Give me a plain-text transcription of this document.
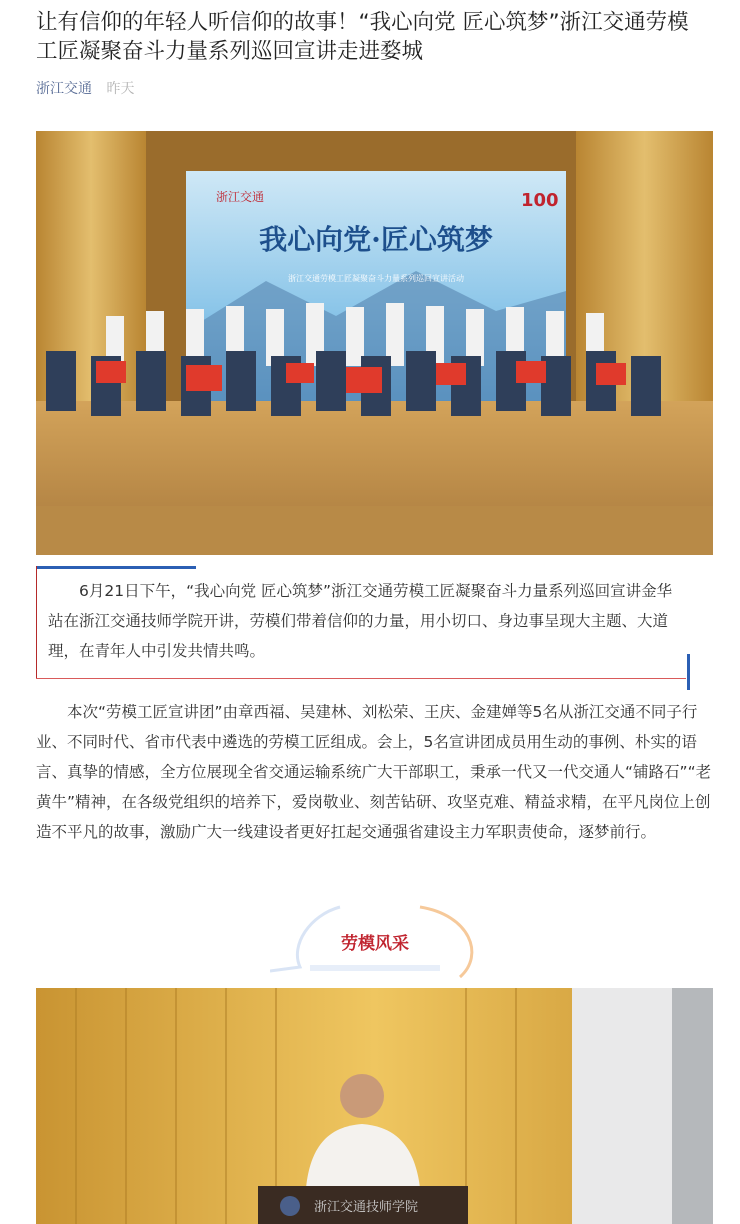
让有信仰的年轻人听信仰的故事！“我心向党 匠心筑梦”浙江交通劳模工匠凝聚奋斗力量系列巡回宣讲走进婺城
浙江交通 昨天
浙江交通	100
我心向党·匠心筑梦
浙江交通劳模工匠凝聚奋斗力量系列巡回宣讲活动

6月21日下午，“我心向党 匠心筑梦”浙江交通劳模工匠凝聚奋斗力量系列巡回宣讲金华站在浙江交通技师学院开讲，劳模们带着信仰的力量，用小切口、身边事呈现大主题、大道理，在青年人中引发共情共鸣。

本次“劳模工匠宣讲团”由章西福、吴建林、刘松荣、王庆、金建婵等5名从浙江交通不同子行业、不同时代、省市代表中遴选的劳模工匠组成。会上，5名宣讲团成员用生动的事例、朴实的语言、真挚的情感，全方位展现全省交通运输系统广大干部职工，秉承一代又一代交通人“铺路石”“老黄牛”精神，在各级党组织的培养下，爱岗敬业、刻苦钻研、攻坚克难、精益求精，在平凡岗位上创造不平凡的故事，激励广大一线建设者更好扛起交通强省建设主力军职责使命，逐梦前行。

劳模风采
浙江交通技师学院
